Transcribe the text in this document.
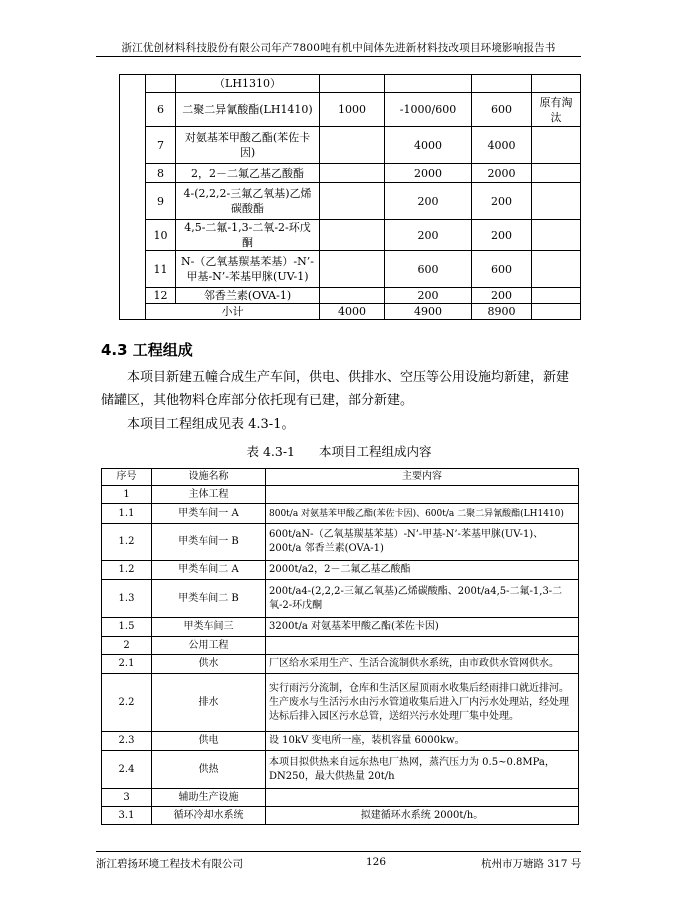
浙江优创材料科技股份有限公司年产7800吨有机中间体先进新材料技改项目环境影响报告书
		（LH1310）				
	6	二聚二异氰酸酯(LH1410)	1000	-1000/600	600	原有淘汰
	7	对氨基苯甲酸乙酯(苯佐卡因)		4000	4000	
	8	2，2－二氟乙基乙酸酯		2000	2000	
	9	4-(2,2,2-三氟乙氧基)乙烯碳酸酯		200	200	
	10	4,5-二氟-1,3-二氧-2-环戊酮		200	200	
	11	N-（乙氧基羰基苯基）-N’-甲基-N’-苯基甲脒(UV-1)		600	600	
	12	邻香兰素(OVA-1)		200	200	
	小计		4000	4900	8900	
4.3 工程组成
本项目新建五幢合成生产车间，供电、供排水、空压等公用设施均新建，新建储罐区，其他物料仓库部分依托现有已建，部分新建。
本项目工程组成见表 4.3-1。
表 4.3-1 本项目工程组成内容
序号	设施名称	主要内容
1	主体工程	
1.1	甲类车间一 A	800t/a 对氨基苯甲酸乙酯(苯佐卡因)、600t/a 二聚二异氰酸酯(LH1410)
1.2	甲类车间一 B	600t/aN-（乙氧基羰基苯基）-N’-甲基-N’-苯基甲脒(UV-1)、200t/a 邻香兰素(OVA-1)
1.2	甲类车间二 A	2000t/a2，2－二氟乙基乙酸酯
1.3	甲类车间二 B	200t/a4-(2,2,2-三氟乙氧基)乙烯碳酸酯、200t/a4,5-二氟-1,3-二氧-2-环戊酮
1.5	甲类车间三	3200t/a 对氨基苯甲酸乙酯(苯佐卡因)
2	公用工程	
2.1	供水	厂区给水采用生产、生活合流制供水系统，由市政供水管网供水。
2.2	排水	实行雨污分流制，仓库和生活区屋顶雨水收集后经雨排口就近排河。生产废水与生活污水由污水管道收集后进入厂内污水处理站，经处理达标后排入园区污水总管，送绍兴污水处理厂集中处理。
2.3	供电	设 10kV 变电所一座，装机容量 6000kw。
2.4	供热	本项目拟供热来自远东热电厂热网，蒸汽压力为 0.5~0.8MPa，DN250，最大供热量 20t/h
3	辅助生产设施	
3.1	循环冷却水系统	拟建循环水系统 2000t/h。
浙江碧扬环境工程技术有限公司	126	杭州市万塘路 317 号
